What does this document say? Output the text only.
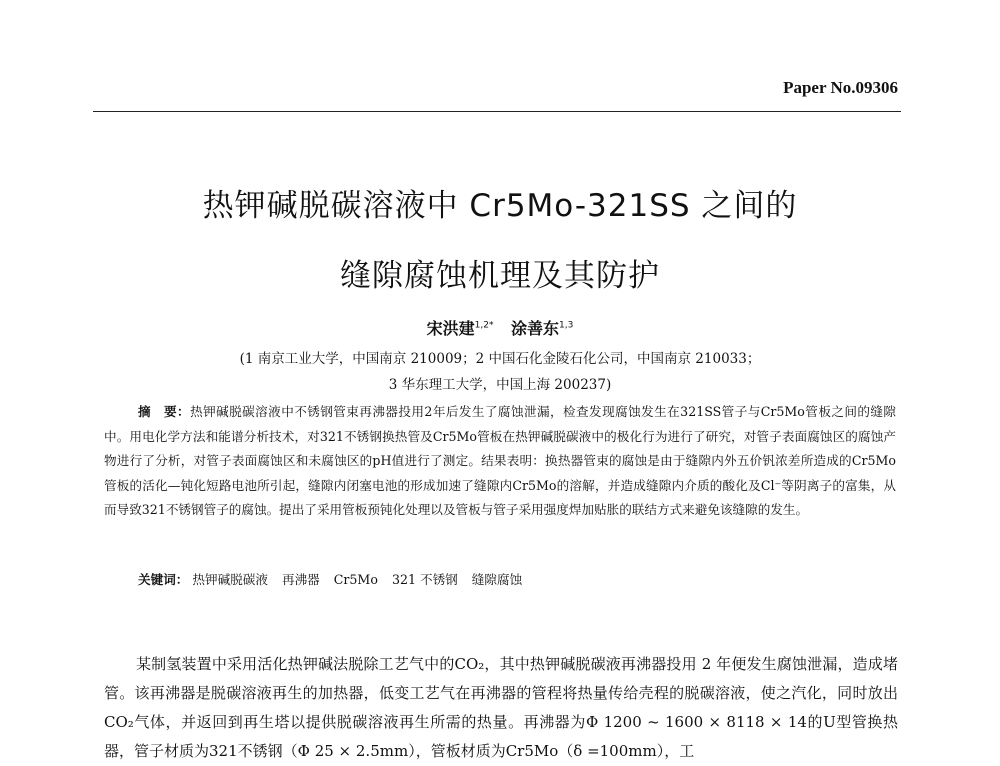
Paper No.09306
热钾碱脱碳溶液中 Cr5Mo-321SS 之间的
缝隙腐蚀机理及其防护
宋洪建$^{1,2*}$ 涂善东$^{1,3}$
(1 南京工业大学，中国南京 210009；2 中国石化金陵石化公司，中国南京 210033；
3 华东理工大学，中国上海 200237)
摘　要：热钾碱脱碳溶液中不锈钢管束再沸器投用2年后发生了腐蚀泄漏，检查发现腐蚀发生在321SS管子与Cr5Mo管板之间的缝隙中。用电化学方法和能谱分析技术，对321不锈钢换热管及Cr5Mo管板在热钾碱脱碳液中的极化行为进行了研究，对管子表面腐蚀区的腐蚀产物进行了分析，对管子表面腐蚀区和未腐蚀区的pH值进行了测定。结果表明：换热器管束的腐蚀是由于缝隙内外五价钒浓差所造成的Cr5Mo管板的活化—钝化短路电池所引起，缝隙内闭塞电池的形成加速了缝隙内Cr5Mo的溶解，并造成缝隙内介质的酸化及Cl⁻等阴离子的富集，从而导致321不锈钢管子的腐蚀。提出了采用管板预钝化处理以及管板与管子采用强度焊加贴胀的联结方式来避免该缝隙的发生。
关键词： 热钾碱脱碳液 再沸器 Cr5Mo 321 不锈钢 缝隙腐蚀
某制氢装置中采用活化热钾碱法脱除工艺气中的CO₂，其中热钾碱脱碳液再沸器投用 2 年便发生腐蚀泄漏，造成堵管。该再沸器是脱碳溶液再生的加热器，低变工艺气在再沸器的管程将热量传给壳程的脱碳溶液，使之汽化，同时放出CO₂气体，并返回到再生塔以提供脱碳溶液再生所需的热量。再沸器为Φ 1200 ~ 1600 × 8118 × 14的U型管换热器，管子材质为321不锈钢（Φ 25 × 2.5mm），管板材质为Cr5Mo（δ =100mm），工
